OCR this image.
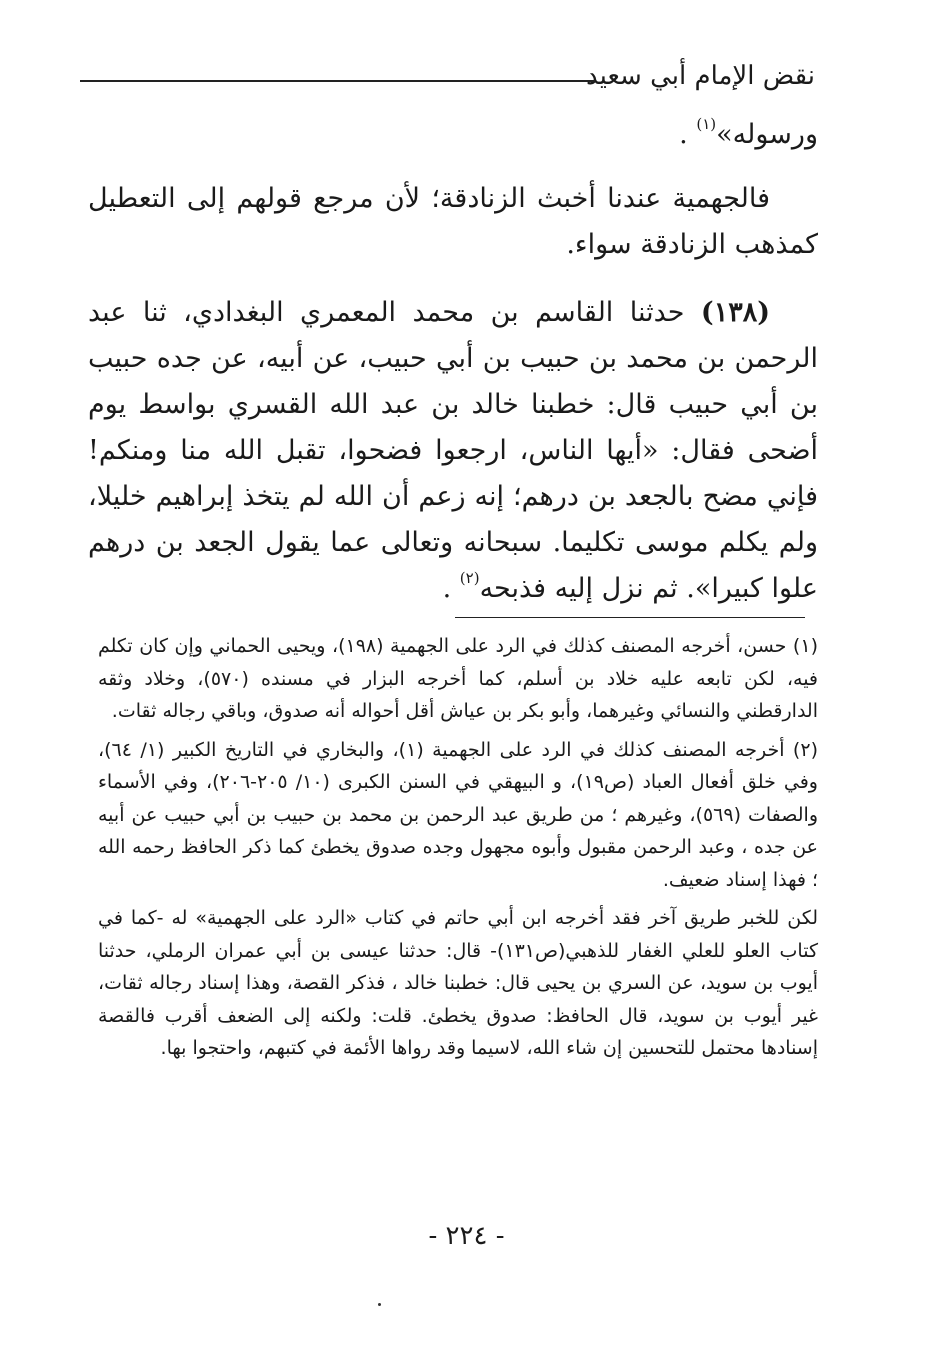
نقض الإمام أبي سعيد

ورسوله»$^{(١)}$ .

فالجهمية عندنا أخبث الزنادقة؛ لأن مرجع قولهم إلى التعطيل كمذهب الزنادقة سواء.

(١٣٨) حدثنا القاسم بن محمد المعمري البغدادي، ثنا عبد الرحمن بن محمد بن حبيب بن أبي حبيب، عن أبيه، عن جده حبيب بن أبي حبيب قال: خطبنا خالد بن عبد الله القسري بواسط يوم أضحى فقال: «أيها الناس، ارجعوا فضحوا، تقبل الله منا ومنكم! فإني مضح بالجعد بن درهم؛ إنه زعم أن الله لم يتخذ إبراهيم خليلا، ولم يكلم موسى تكليما. سبحانه وتعالى عما يقول الجعد بن درهم علوا كبيرا». ثم نزل إليه فذبحه$^{(٢)}$ .

(١) حسن، أخرجه المصنف كذلك في الرد على الجهمية (١٩٨)، ويحيى الحماني وإن كان تكلم فيه، لكن تابعه عليه خلاد بن أسلم، كما أخرجه البزار في مسنده (٥٧٠)، وخلاد وثقه الدارقطني والنسائي وغيرهما، وأبو بكر بن عياش أقل أحواله أنه صدوق، وباقي رجاله ثقات.

(٢) أخرجه المصنف كذلك في الرد على الجهمية (١)، والبخاري في التاريخ الكبير (١/ ٦٤)، وفي خلق أفعال العباد (ص١٩)، و البيهقي في السنن الكبرى (١٠/ ٢٠٥-٢٠٦)، وفي الأسماء والصفات (٥٦٩)، وغيرهم ؛ من طريق عبد الرحمن بن محمد بن حبيب بن أبي حبيب عن أبيه عن جده ، وعبد الرحمن مقبول وأبوه مجهول وجده صدوق يخطئ كما ذكر الحافظ رحمه الله ؛ فهذا إسناد ضعيف.

لكن للخبر طريق آخر فقد أخرجه ابن أبي حاتم في كتاب «الرد على الجهمية» له -كما في كتاب العلو للعلي الغفار للذهبي(ص١٣١)- قال: حدثنا عيسى بن أبي عمران الرملي، حدثنا أيوب بن سويد، عن السري بن يحيى قال: خطبنا خالد ، فذكر القصة، وهذا إسناد رجاله ثقات، غير أيوب بن سويد، قال الحافظ: صدوق يخطئ. قلت: ولكنه إلى الضعف أقرب فالقصة إسنادها محتمل للتحسين إن شاء الله، لاسيما وقد رواها الأئمة في كتبهم، واحتجوا بها.

- ٢٢٤ -
